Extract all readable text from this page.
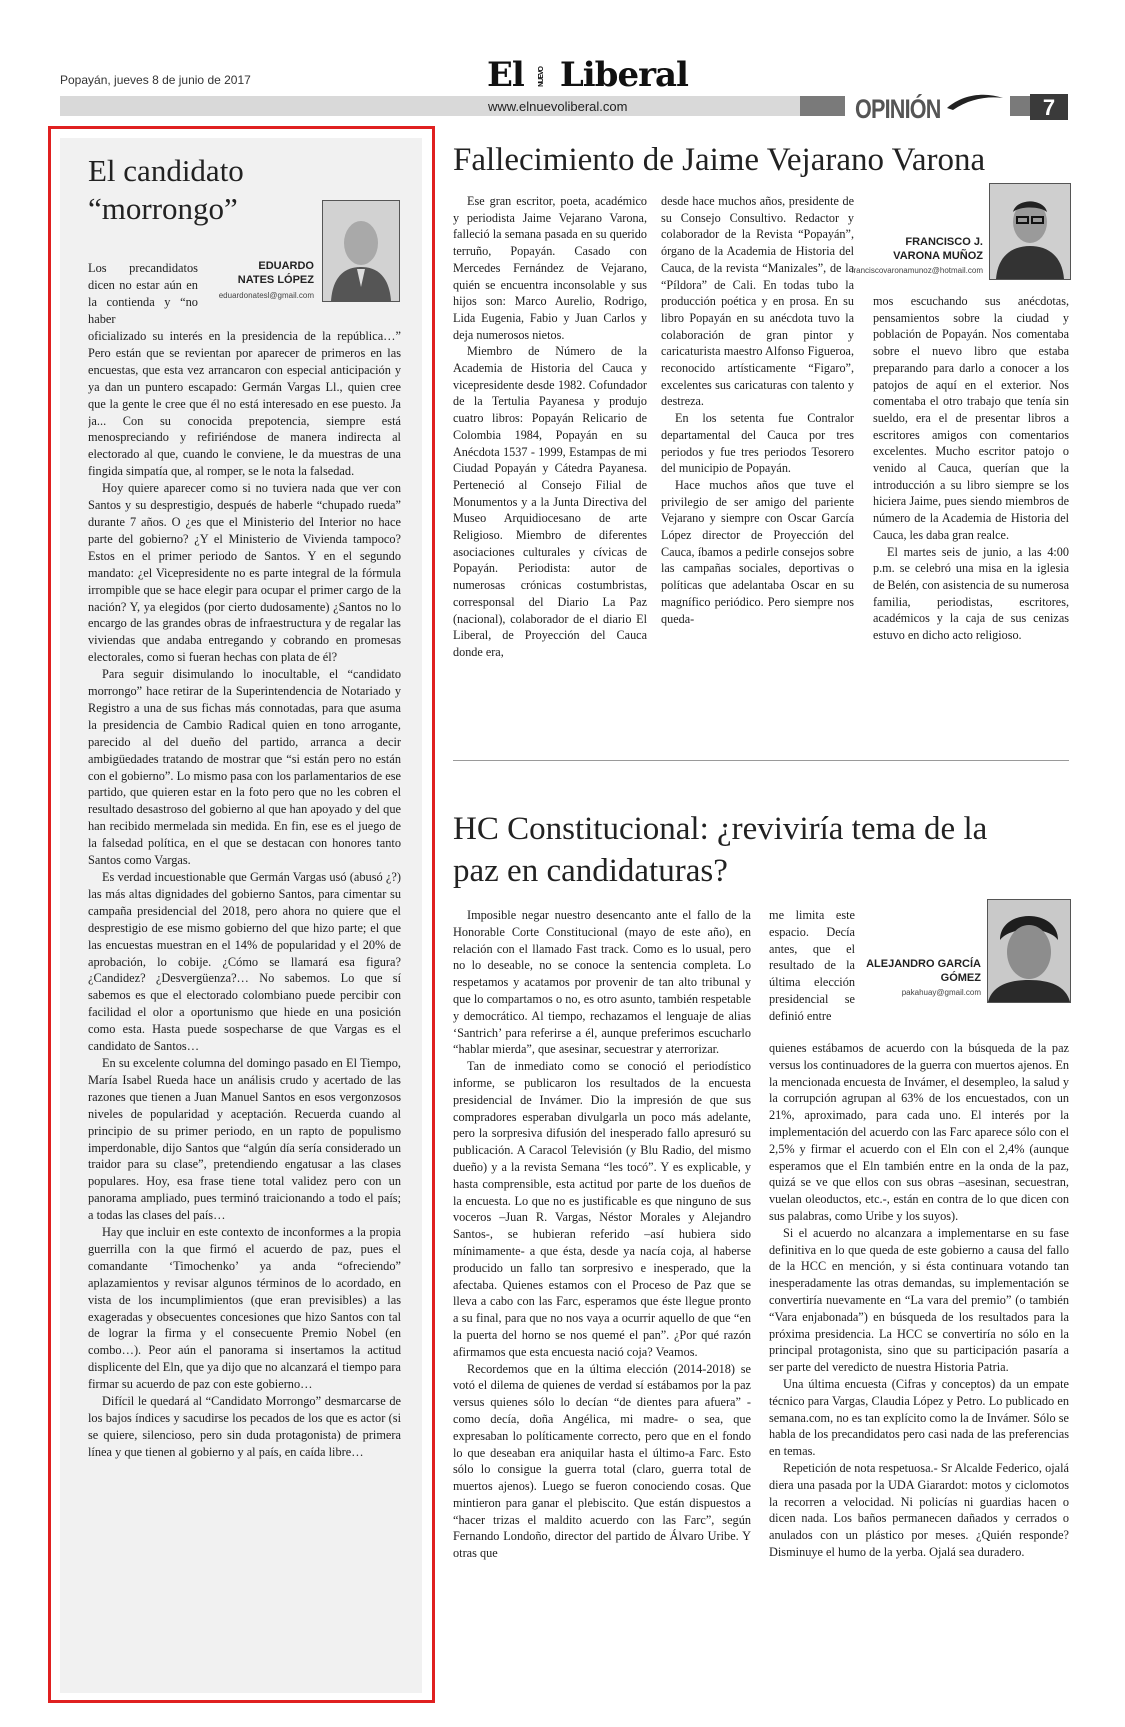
Popayán, jueves 8 de junio de 2017	El NUEVO Liberal
www.elnuevoliberal.com	OPINIÓN	7
El candidato “morrongo”
EDUARDO
NATES LÓPEZ
eduardonatesl@gmail.com

Los precandidatos dicen no estar aún en la contienda y “no haber

oficializado su interés en la presidencia de la república…” Pero están que se revientan por aparecer de primeros en las encuestas, que esta vez arrancaron con especial anticipación y ya dan un puntero escapado: Germán Vargas Ll., quien cree que la gente le cree que él no está interesado en ese puesto. Ja ja... Con su conocida prepotencia, siempre está menospreciando y refiriéndose de manera indirecta al electorado al que, cuando le conviene, le da muestras de una fingida simpatía que, al romper, se le nota la falsedad.

Hoy quiere aparecer como si no tuviera nada que ver con Santos y su desprestigio, después de haberle “chupado rueda” durante 7 años. O ¿es que el Ministerio del Interior no hace parte del gobierno? ¿Y el Ministerio de Vivienda tampoco? Estos en el primer periodo de Santos. Y en el segundo mandato: ¿el Vicepresidente no es parte integral de la fórmula irrompible que se hace elegir para ocupar el primer cargo de la nación? Y, ya elegidos (por cierto dudosamente) ¿Santos no lo encargo de las grandes obras de infraestructura y de regalar las viviendas que andaba entregando y cobrando en promesas electorales, como si fueran hechas con plata de él?

Para seguir disimulando lo inocultable, el “candidato morrongo” hace retirar de la Superintendencia de Notariado y Registro a una de sus fichas más connotadas, para que asuma la presidencia de Cambio Radical quien en tono arrogante, parecido al del dueño del partido, arranca a decir ambigüedades tratando de mostrar que “si están pero no están con el gobierno”. Lo mismo pasa con los parlamentarios de ese partido, que quieren estar en la foto pero que no les cobren el resultado desastroso del gobierno al que han apoyado y del que han recibido mermelada sin medida. En fin, ese es el juego de la falsedad política, en el que se destacan con honores tanto Santos como Vargas.

Es verdad incuestionable que Germán Vargas usó (abusó ¿?) las más altas dignidades del gobierno Santos, para cimentar su campaña presidencial del 2018, pero ahora no quiere que el desprestigio de ese mismo gobierno del que hizo parte; el que las encuestas muestran en el 14% de popularidad y el 20% de aprobación, lo cobije. ¿Cómo se llamará esa figura? ¿Candidez? ¿Desvergüenza?… No sabemos. Lo que sí sabemos es que el electorado colombiano puede percibir con facilidad el olor a oportunismo que hiede en una posición como esta. Hasta puede sospecharse de que Vargas es el candidato de Santos…

En su excelente columna del domingo pasado en El Tiempo, María Isabel Rueda hace un análisis crudo y acertado de las razones que tienen a Juan Manuel Santos en esos vergonzosos niveles de popularidad y aceptación. Recuerda cuando al principio de su primer periodo, en un rapto de populismo imperdonable, dijo Santos que “algún día sería considerado un traidor para su clase”, pretendiendo engatusar a las clases populares. Hoy, esa frase tiene total validez pero con un panorama ampliado, pues terminó traicionando a todo el país; a todas las clases del país…

Hay que incluir en este contexto de inconformes a la propia guerrilla con la que firmó el acuerdo de paz, pues el comandante ‘Timochenko’ ya anda “ofreciendo” aplazamientos y revisar algunos términos de lo acordado, en vista de los incumplimientos (que eran previsibles) a las exageradas y obsecuentes concesiones que hizo Santos con tal de lograr la firma y el consecuente Premio Nobel (en combo…). Peor aún el panorama si insertamos la actitud displicente del Eln, que ya dijo que no alcanzará el tiempo para firmar su acuerdo de paz con este gobierno…

Difícil le quedará al “Candidato Morrongo” desmarcarse de los bajos índices y sacudirse los pecados de los que es actor (si se quiere, silencioso, pero sin duda protagonista) de primera línea y que tienen al gobierno y al país, en caída libre…

Fallecimiento de Jaime Vejarano Varona

Ese gran escritor, poeta, académico y periodista Jaime Vejarano Varona, falleció la semana pasada en su querido terruño, Popayán. Casado con Mercedes Fernández de Vejarano, quién se encuentra inconsolable y sus hijos son: Marco Aurelio, Rodrigo, Lida Eugenia, Fabio y Juan Carlos y deja numerosos nietos.

Miembro de Número de la Academia de Historia del Cauca y vicepresidente desde 1982. Cofundador de la Tertulia Payanesa y produjo cuatro libros: Popayán Relicario de Colombia 1984, Popayán en su Anécdota 1537 - 1999, Estampas de mi Ciudad Popayán y Cátedra Payanesa. Perteneció al Consejo Filial de Monumentos y a la Junta Directiva del Museo Arquidiocesano de arte Religioso. Miembro de diferentes asociaciones culturales y cívicas de Popayán. Periodista: autor de numerosas crónicas costumbristas, corresponsal del Diario La Paz (nacional), colaborador de el diario El Liberal, de Proyección del Cauca donde era,

desde hace muchos años, presidente de su Consejo Consultivo. Redactor y colaborador de la Revista “Popayán”, órgano de la Academia de Historia del Cauca, de la revista “Manizales”, de la “Píldora” de Cali. En todas tubo la producción poética y en prosa. En su libro Popayán en su anécdota tuvo la colaboración de gran pintor y caricaturista maestro Alfonso Figueroa, reconocido artísticamente “Figaro”, excelentes sus caricaturas con talento y destreza.

En los setenta fue Contralor departamental del Cauca por tres periodos y fue tres periodos Tesorero del municipio de Popayán.

Hace muchos años que tuve el privilegio de ser amigo del pariente Vejarano y siempre con Oscar García López director de Proyección del Cauca, íbamos a pedirle consejos sobre las campañas sociales, deportivas o políticas que adelantaba Oscar en su magnífico periódico. Pero siempre nos queda-

FRANCISCO J.
VARONA MUÑOZ
franciscovaronamunoz@hotmail.com

mos escuchando sus anécdotas, pensamientos sobre la ciudad y población de Popayán. Nos comentaba sobre el nuevo libro que estaba preparando para darlo a conocer a los patojos de aquí en el exterior. Nos comentaba el otro trabajo que tenía sin sueldo, era el de presentar libros a escritores amigos con comentarios excelentes. Mucho escritor patojo o venido al Cauca, querían que la introducción a su libro siempre se los hiciera Jaime, pues siendo miembros de número de la Academia de Historia del Cauca, les daba gran realce.

El martes seis de junio, a las 4:00 p.m. se celebró una misa en la iglesia de Belén, con asistencia de su numerosa familia, periodistas, escritores, académicos y la caja de sus cenizas estuvo en dicho acto religioso.

HC Constitucional: ¿reviviría tema de la paz en candidaturas?

Imposible negar nuestro desencanto ante el fallo de la Honorable Corte Constitucional (mayo de este año), en relación con el llamado Fast track. Como es lo usual, pero no lo deseable, no se conoce la sentencia completa. Lo respetamos y acatamos por provenir de tan alto tribunal y que lo compartamos o no, es otro asunto, también respetable y democrático. Al tiempo, rechazamos el lenguaje de alias ‘Santrich’ para referirse a él, aunque preferimos escucharlo “hablar mierda”, que asesinar, secuestrar y aterrorizar.

Tan de inmediato como se conoció el periodístico informe, se publicaron los resultados de la encuesta presidencial de Invámer. Dio la impresión de que sus compradores esperaban divulgarla un poco más adelante, pero la sorpresiva difusión del inesperado fallo apresuró su publicación. A Caracol Televisión (y Blu Radio, del mismo dueño) y a la revista Semana “les tocó”. Y es explicable, y hasta comprensible, esta actitud por parte de los dueños de la encuesta. Lo que no es justificable es que ninguno de sus voceros –Juan R. Vargas, Néstor Morales y Alejandro Santos-, se hubieran referido –así hubiera sido mínimamente- a que ésta, desde ya nacía coja, al haberse producido un fallo tan sorpresivo e inesperado, que la afectaba. Quienes estamos con el Proceso de Paz que se lleva a cabo con las Farc, esperamos que éste llegue pronto a su final, para que no nos vaya a ocurrir aquello de que “en la puerta del horno se nos quemé el pan”. ¿Por qué razón afirmamos que esta encuesta nació coja? Veamos.

Recordemos que en la última elección (2014-2018) se votó el dilema de quienes de verdad sí estábamos por la paz versus quienes sólo lo decían “de dientes para afuera” -como decía, doña Angélica, mi madre- o sea, que expresaban lo políticamente correcto, pero que en el fondo lo que deseaban era aniquilar hasta el último-a Farc. Esto sólo lo consigue la guerra total (claro, guerra total de muertos ajenos). Luego se fueron conociendo cosas. Que mintieron para ganar el plebiscito. Que están dispuestos a “hacer trizas el maldito acuerdo con las Farc”, según Fernando Londoño, director del partido de Álvaro Uribe. Y otras que

me limita este espacio. Decía antes, que el resultado de la última elección presidencial se definió entre

ALEJANDRO GARCÍA
GÓMEZ
pakahuay@gmail.com

quienes estábamos de acuerdo con la búsqueda de la paz versus los continuadores de la guerra con muertos ajenos. En la mencionada encuesta de Invámer, el desempleo, la salud y la corrupción agrupan al 63% de los encuestados, con un 21%, aproximado, para cada uno. El interés por la implementación del acuerdo con las Farc aparece sólo con el 2,5% y firmar el acuerdo con el Eln con el 2,4% (aunque esperamos que el Eln también entre en la onda de la paz, quizá se ve que ellos con sus obras –asesinan, secuestran, vuelan oleoductos, etc.-, están en contra de lo que dicen con sus palabras, como Uribe y los suyos).

Si el acuerdo no alcanzara a implementarse en su fase definitiva en lo que queda de este gobierno a causa del fallo de la HCC en mención, y si ésta continuara votando tan inesperadamente las otras demandas, su implementación se convertiría nuevamente en “La vara del premio” (o también “Vara enjabonada”) en búsqueda de los resultados para la próxima presidencia. La HCC se convertiría no sólo en la principal protagonista, sino que su participación pasaría a ser parte del veredicto de nuestra Historia Patria.

Una última encuesta (Cifras y conceptos) da un empate técnico para Vargas, Claudia López y Petro. Lo publicado en semana.com, no es tan explícito como la de Invámer. Sólo se habla de los precandidatos pero casi nada de las preferencias en temas.

Repetición de nota respetuosa.- Sr Alcalde Federico, ojalá diera una pasada por la UDA Giarardot: motos y ciclomotos la recorren a velocidad. Ni policías ni guardias hacen o dicen nada. Los baños permanecen dañados y cerrados o anulados con un plástico por meses. ¿Quién responde? Disminuye el humo de la yerba. Ojalá sea duradero.
